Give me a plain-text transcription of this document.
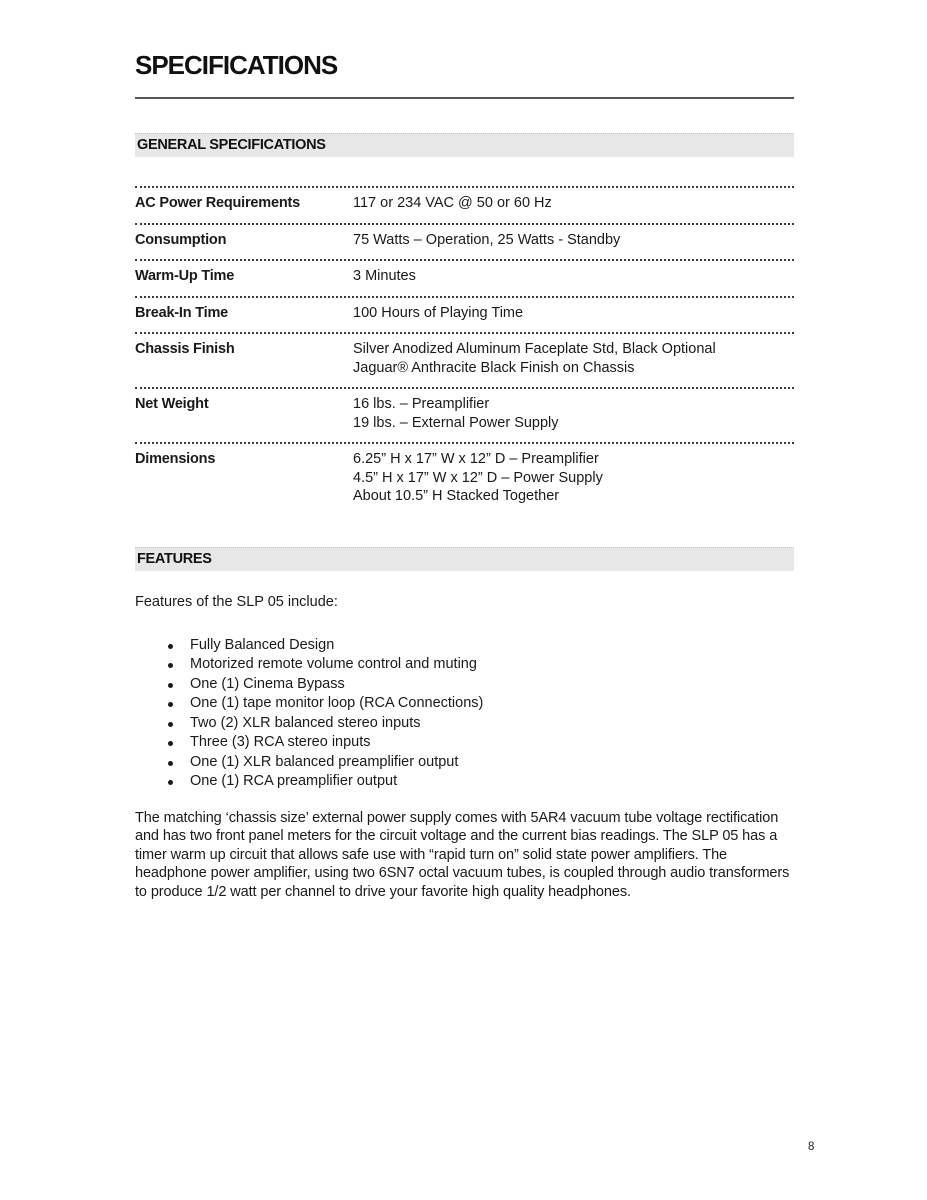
SPECIFICATIONS
GENERAL SPECIFICATIONS
AC Power Requirements	117 or 234 VAC @ 50 or 60 Hz
Consumption	75 Watts – Operation, 25 Watts - Standby
Warm-Up Time	3 Minutes
Break-In Time	100 Hours of Playing Time
Chassis Finish	Silver Anodized Aluminum Faceplate Std, Black Optional
Jaguar® Anthracite Black Finish on Chassis
Net Weight	16 lbs. – Preamplifier
19 lbs. – External Power Supply
Dimensions	6.25” H x 17” W x 12” D – Preamplifier
4.5” H x 17” W x 12” D – Power Supply
About 10.5” H Stacked Together
FEATURES
Features of the SLP 05 include:
Fully Balanced Design
Motorized remote volume control and muting
One (1) Cinema Bypass
One (1) tape monitor loop (RCA Connections)
Two (2) XLR balanced stereo inputs
Three (3) RCA stereo inputs
One (1) XLR balanced preamplifier output
One (1) RCA preamplifier output
The matching ‘chassis size’ external power supply comes with 5AR4 vacuum tube voltage rectification and has two front panel meters for the circuit voltage and the current bias readings. The SLP 05 has a timer warm up circuit that allows safe use with “rapid turn on” solid state power amplifiers. The headphone power amplifier, using two 6SN7 octal vacuum tubes, is coupled through audio transformers to produce 1/2 watt per channel to drive your favorite high quality headphones.
8
